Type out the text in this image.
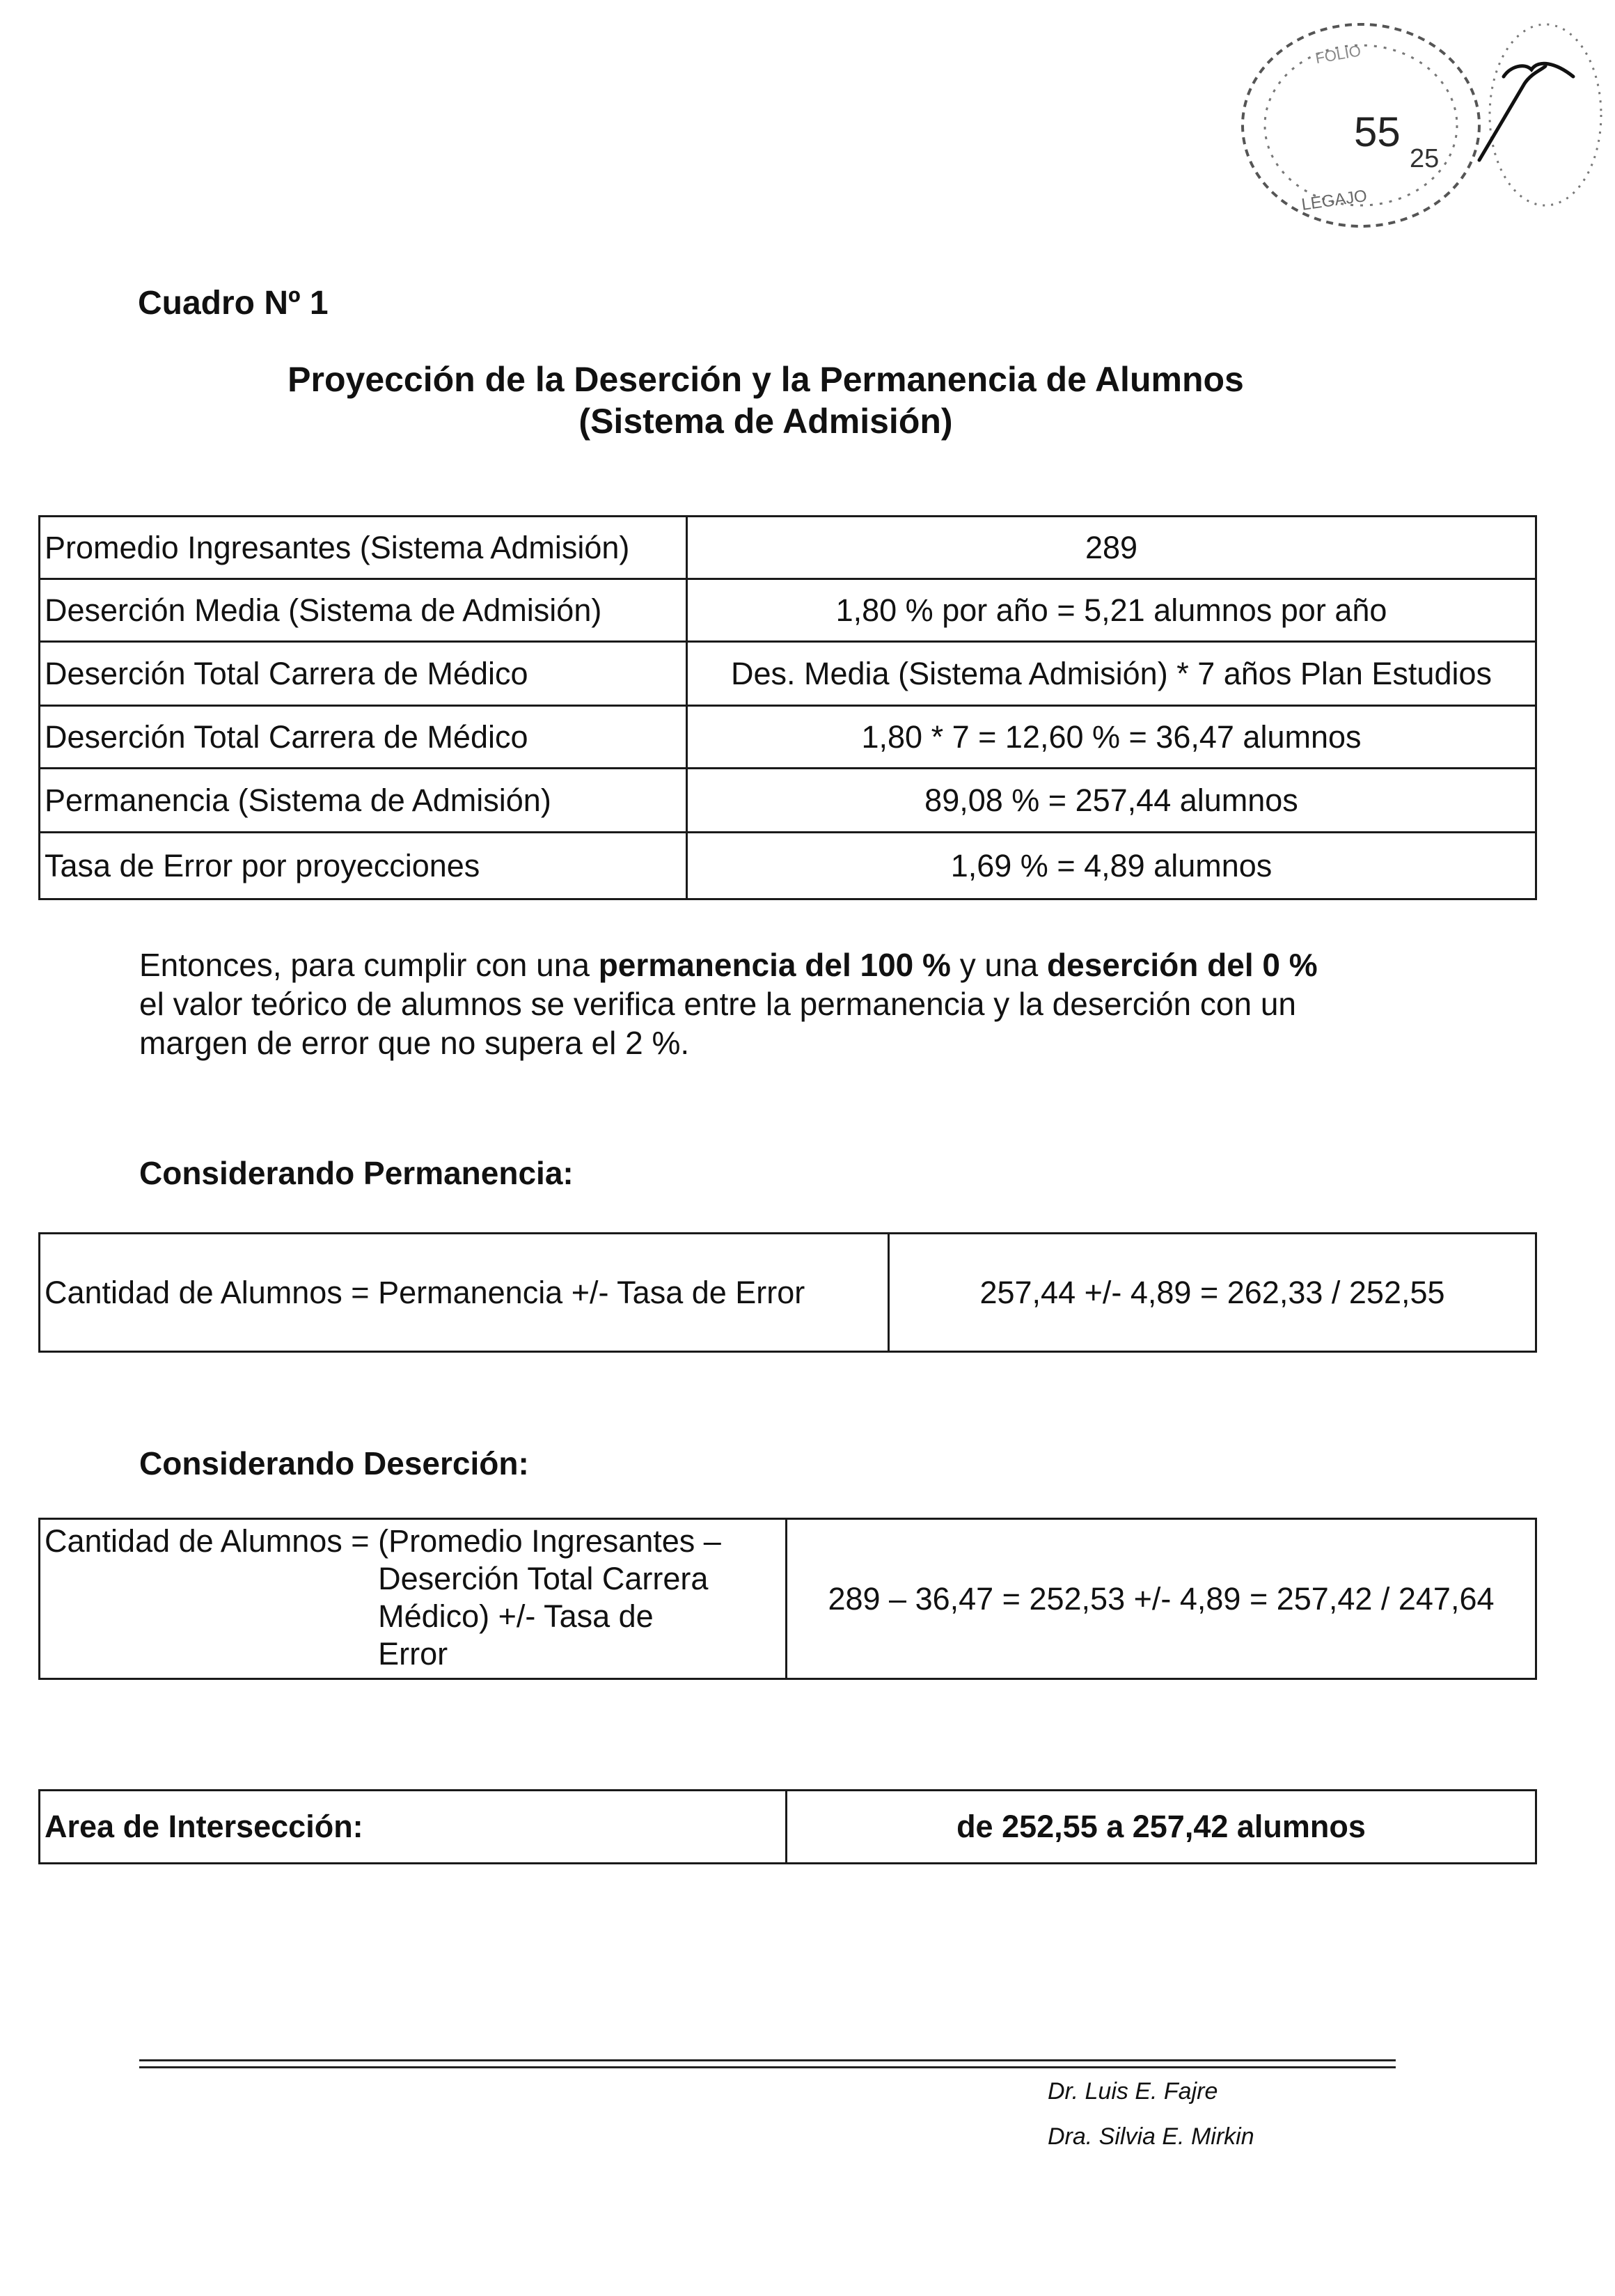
55
25
LEGAJO
FOLIO
Cuadro Nº 1
Proyección de la Deserción y la Permanencia de Alumnos
(Sistema de Admisión)
Promedio Ingresantes (Sistema Admisión)	289
Deserción Media (Sistema de Admisión)	1,80 % por año = 5,21 alumnos por año
Deserción Total Carrera de Médico	Des. Media (Sistema Admisión) * 7 años Plan Estudios
Deserción Total Carrera de Médico	1,80 * 7 = 12,60 % = 36,47 alumnos
Permanencia (Sistema de Admisión)	89,08 % = 257,44 alumnos
Tasa de Error por proyecciones	1,69 % = 4,89 alumnos
Entonces, para cumplir con una permanencia del 100 % y una deserción del 0 %
el valor teórico de alumnos se verifica entre la permanencia y la deserción con un
margen de error que no supera el 2 %.
Considerando Permanencia:
Cantidad de Alumnos = Permanencia +/- Tasa de Error	257,44 +/- 4,89 = 262,33 / 252,55
Considerando Deserción:
Cantidad de Alumnos = (Promedio Ingresantes –
Deserción Total Carrera
Médico) +/- Tasa de
Error
	289 – 36,47 = 252,53 +/- 4,89 = 257,42 / 247,64
Area de Intersección:	de 252,55 a 257,42 alumnos
Dr. Luis E. Fajre
Dra. Silvia E. Mirkin
